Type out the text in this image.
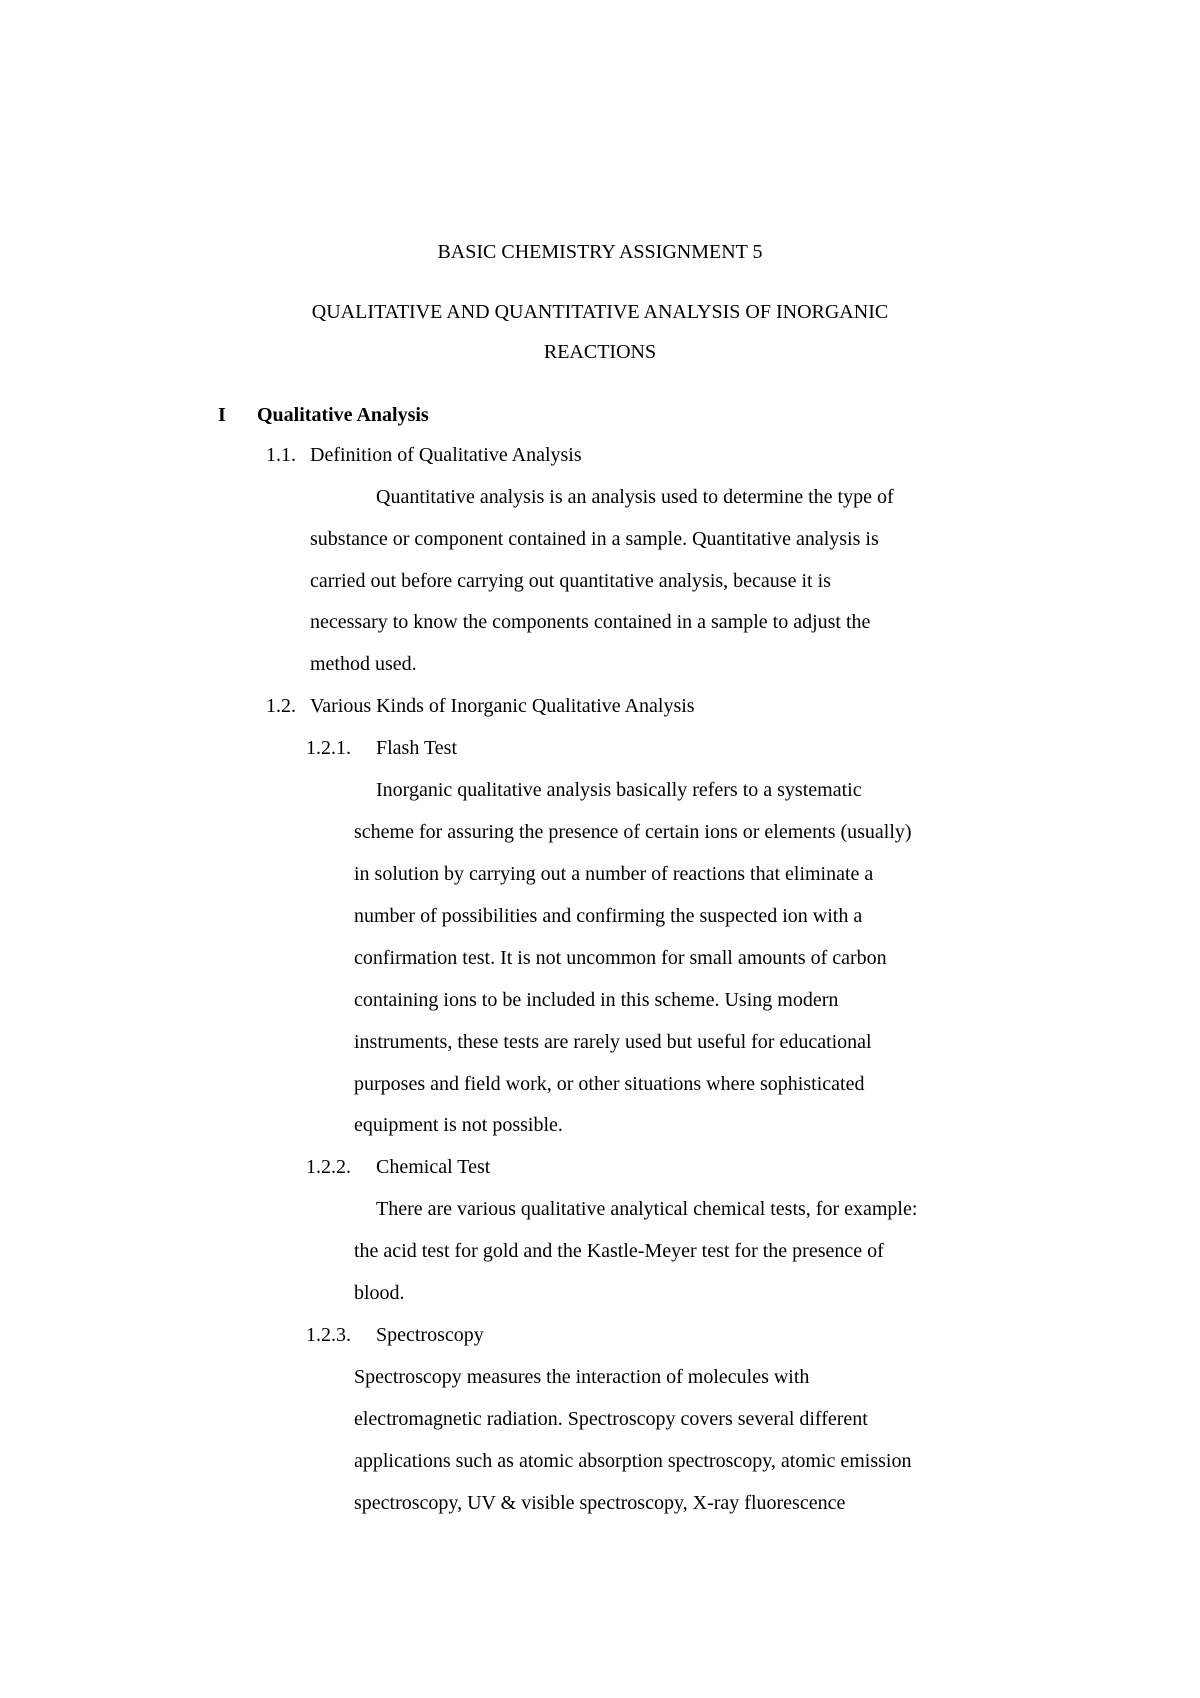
BASIC CHEMISTRY ASSIGNMENT 5
QUALITATIVE AND QUANTITATIVE ANALYSIS OF INORGANIC
REACTIONS
I Qualitative Analysis
1.1. Definition of Qualitative Analysis
Quantitative analysis is an analysis used to determine the type of
substance or component contained in a sample. Quantitative analysis is
carried out before carrying out quantitative analysis, because it is
necessary to know the components contained in a sample to adjust the
method used.
1.2. Various Kinds of Inorganic Qualitative Analysis
1.2.1. Flash Test
Inorganic qualitative analysis basically refers to a systematic
scheme for assuring the presence of certain ions or elements (usually)
in solution by carrying out a number of reactions that eliminate a
number of possibilities and confirming the suspected ion with a
confirmation test. It is not uncommon for small amounts of carbon
containing ions to be included in this scheme. Using modern
instruments, these tests are rarely used but useful for educational
purposes and field work, or other situations where sophisticated
equipment is not possible.
1.2.2. Chemical Test
There are various qualitative analytical chemical tests, for example:
the acid test for gold and the Kastle-Meyer test for the presence of
blood.
1.2.3. Spectroscopy
Spectroscopy measures the interaction of molecules with
electromagnetic radiation. Spectroscopy covers several different
applications such as atomic absorption spectroscopy, atomic emission
spectroscopy, UV & visible spectroscopy, X-ray fluorescence
